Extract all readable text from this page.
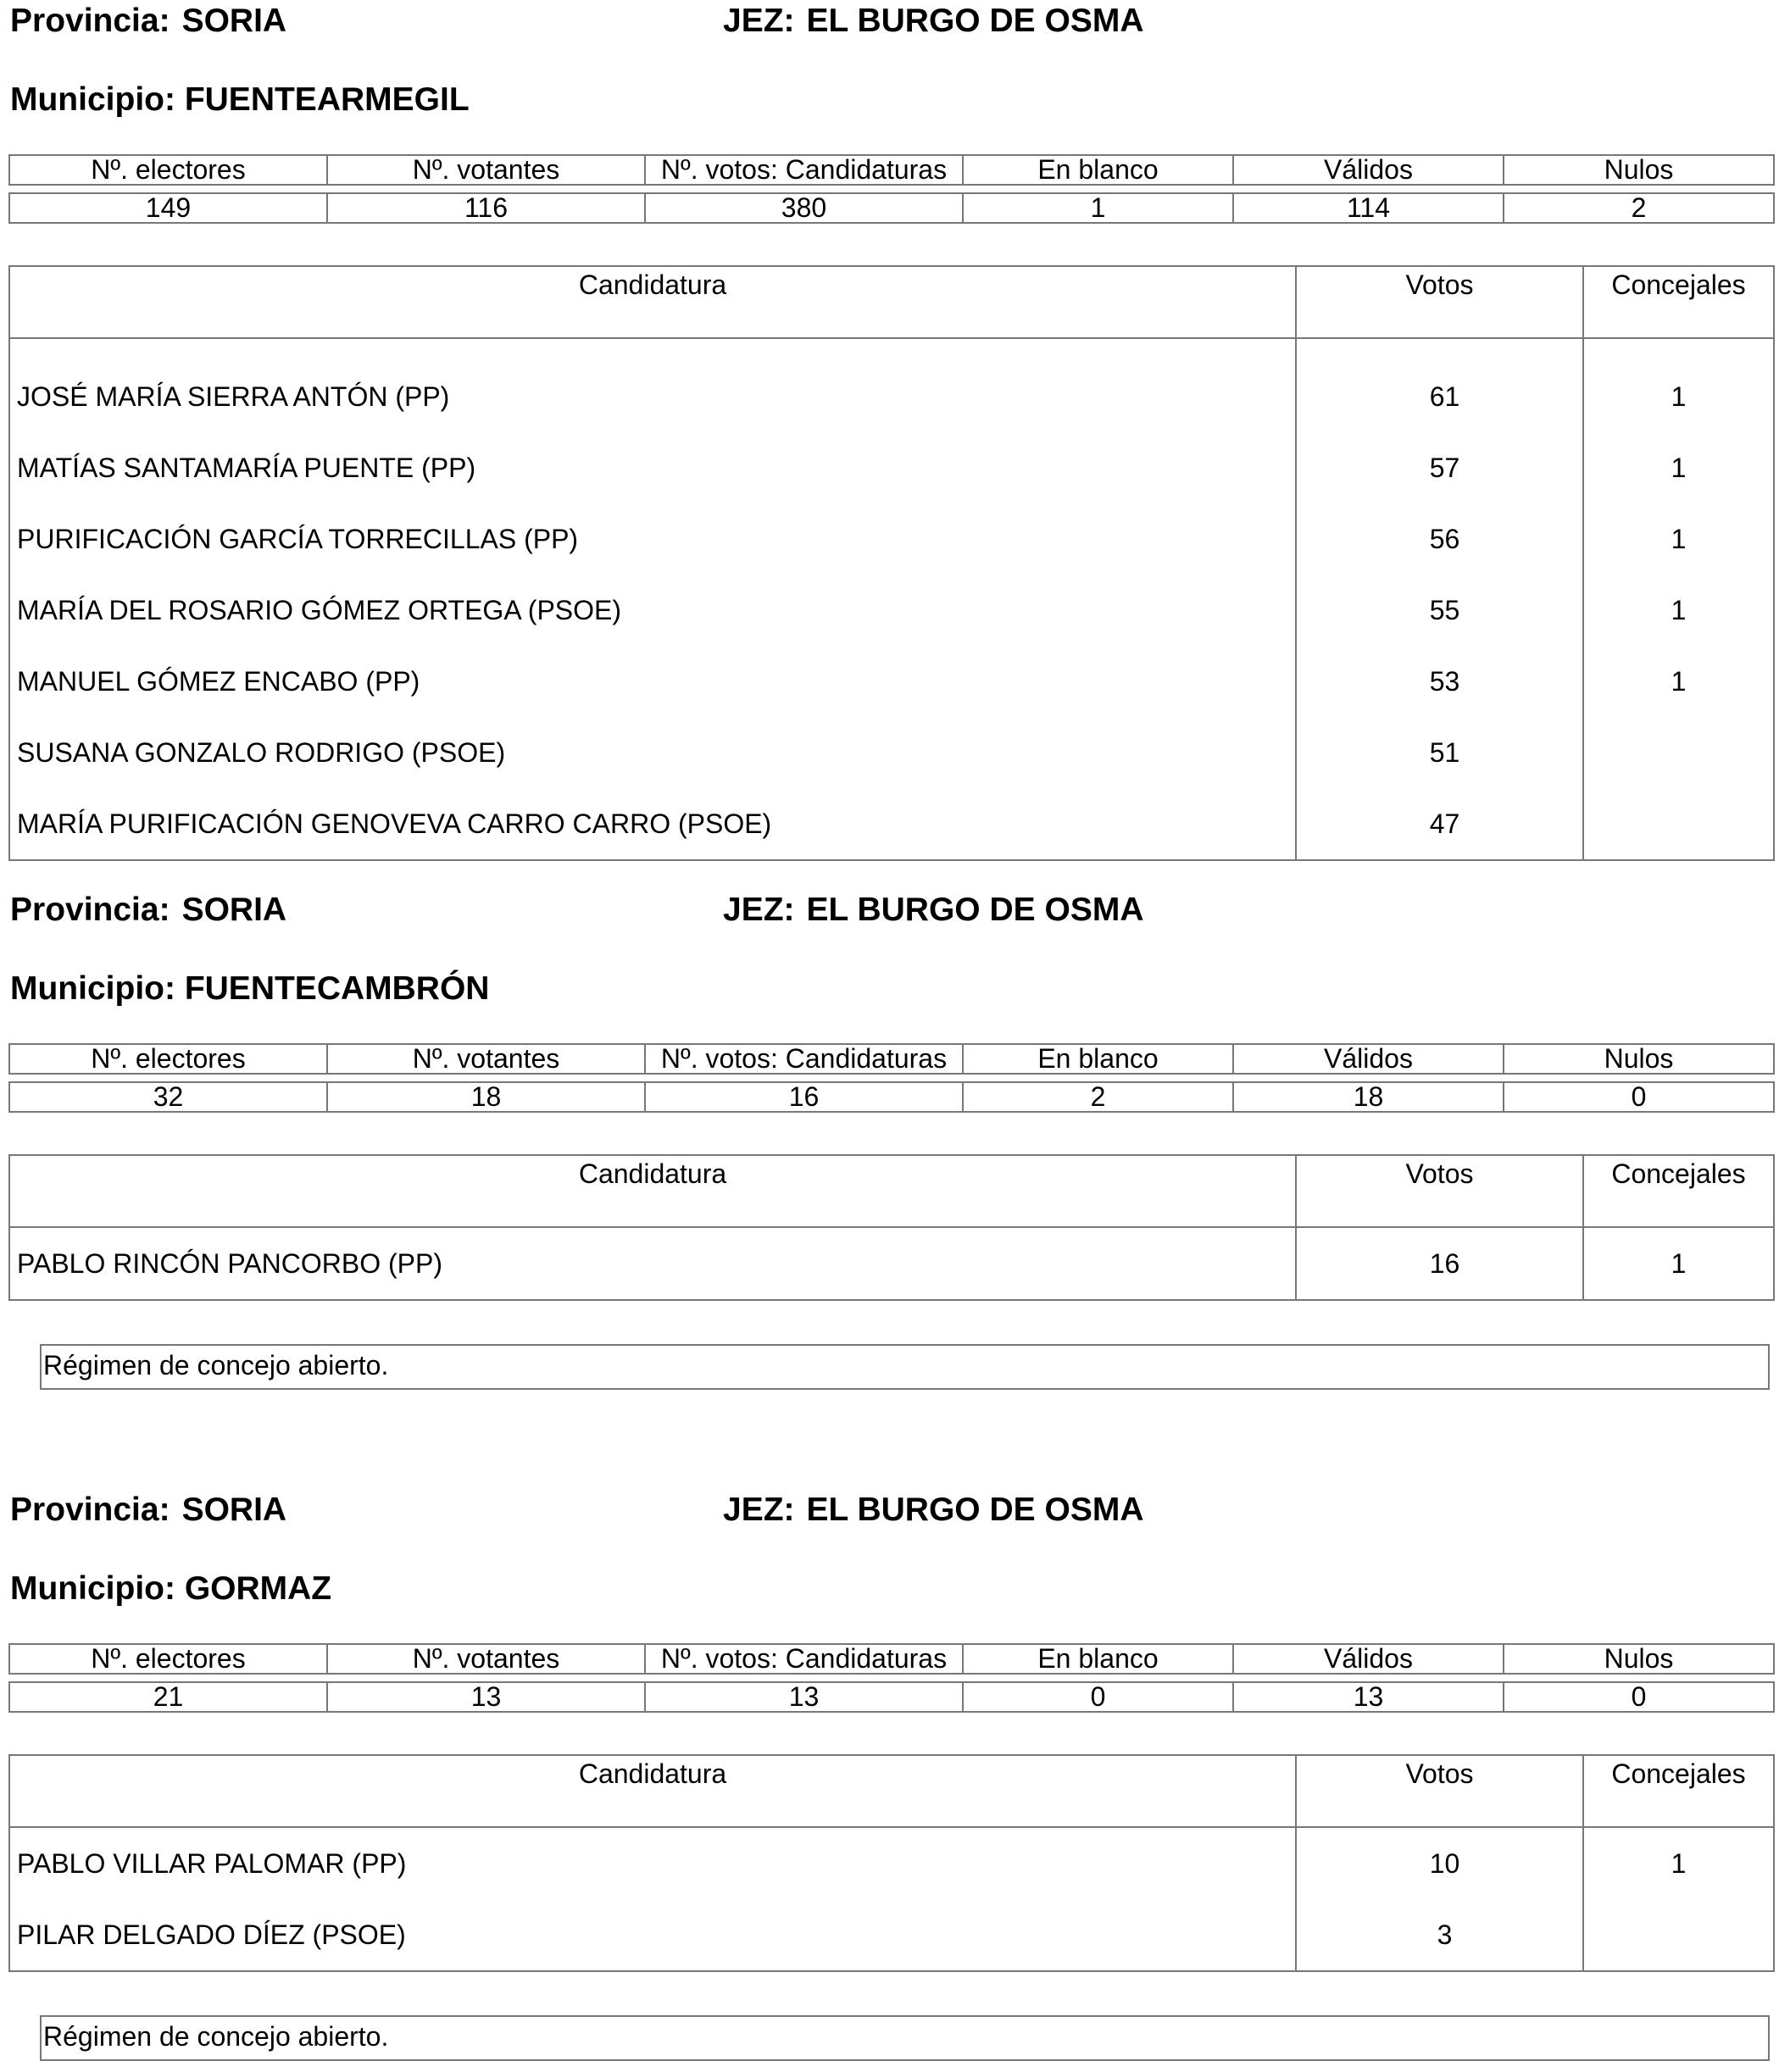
Provincia: SORIA	JEZ: EL BURGO DE OSMA
Municipio: FUENTEARMEGIL
Nº. electores	Nº. votantes	Nº. votos: Candidaturas	En blanco	Válidos	Nulos

149	116	380	1	114	2
Candidatura	Votos	Concejales
JOSÉ MARÍA SIERRA ANTÓN (PP)	61	1
MATÍAS SANTAMARÍA PUENTE (PP)	57	1
PURIFICACIÓN GARCÍA TORRECILLAS (PP)	56	1
MARÍA DEL ROSARIO GÓMEZ ORTEGA (PSOE)	55	1
MANUEL GÓMEZ ENCABO (PP)	53	1
SUSANA GONZALO RODRIGO (PSOE)	51	
MARÍA PURIFICACIÓN GENOVEVA CARRO CARRO (PSOE)	47	
Provincia: SORIA	JEZ: EL BURGO DE OSMA
Municipio: FUENTECAMBRÓN
Nº. electores	Nº. votantes	Nº. votos: Candidaturas	En blanco	Válidos	Nulos

32	18	16	2	18	0
Candidatura	Votos	Concejales
PABLO RINCÓN PANCORBO (PP)	16	1
Régimen de concejo abierto.
Provincia: SORIA	JEZ: EL BURGO DE OSMA
Municipio: GORMAZ
Nº. electores	Nº. votantes	Nº. votos: Candidaturas	En blanco	Válidos	Nulos

21	13	13	0	13	0
Candidatura	Votos	Concejales
PABLO VILLAR PALOMAR (PP)	10	1
PILAR DELGADO DÍEZ (PSOE)	3	
Régimen de concejo abierto.
